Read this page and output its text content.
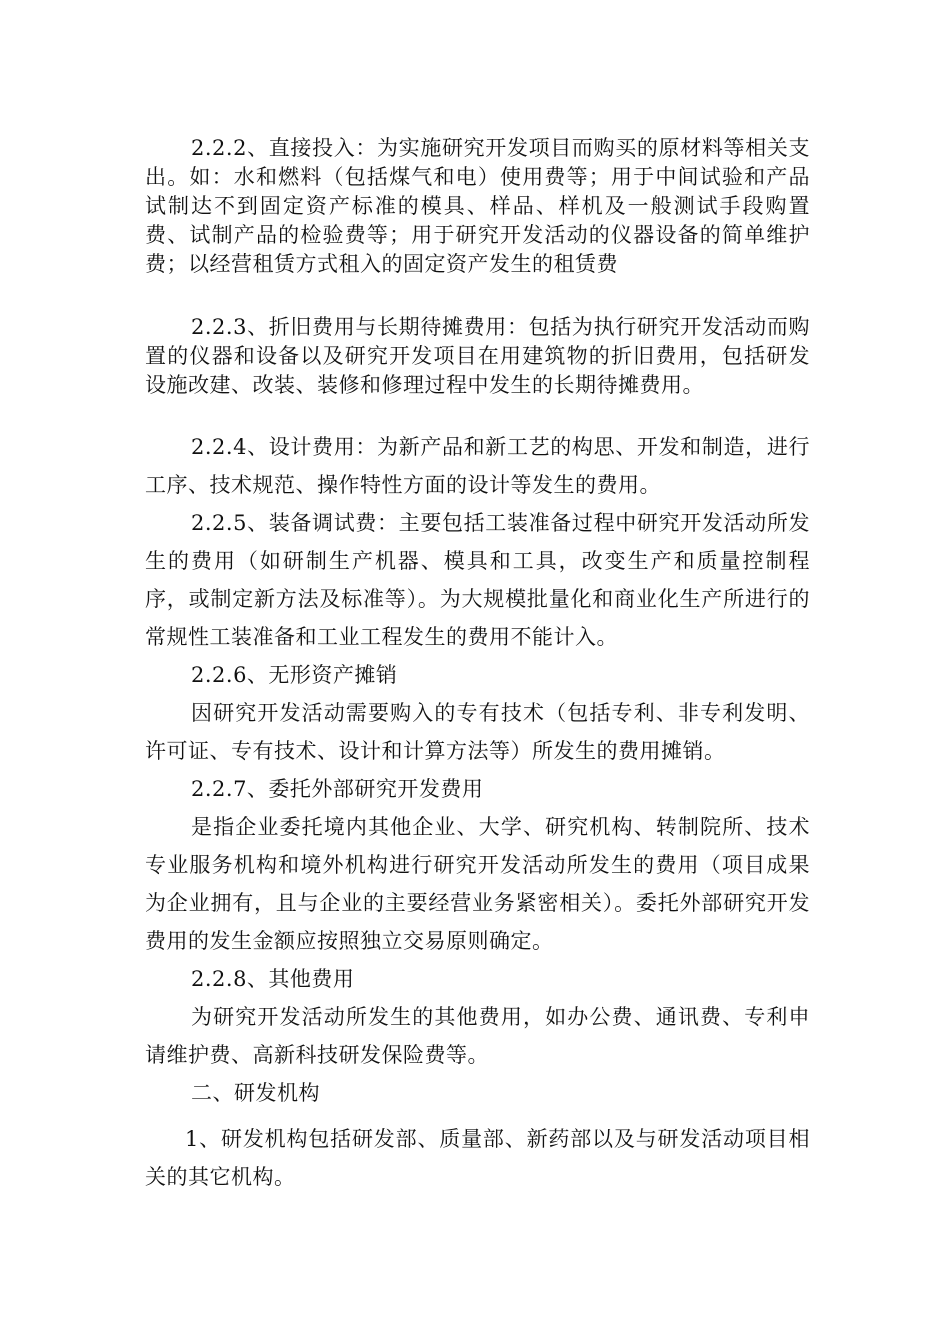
2.2.2、直接投入：为实施研究开发项目而购买的原材料等相关支出。如：水和燃料（包括煤气和电）使用费等；用于中间试验和产品试制达不到固定资产标准的模具、样品、样机及一般测试手段购置费、试制产品的检验费等；用于研究开发活动的仪器设备的简单维护费；以经营租赁方式租入的固定资产发生的租赁费

2.2.3、折旧费用与长期待摊费用：包括为执行研究开发活动而购置的仪器和设备以及研究开发项目在用建筑物的折旧费用，包括研发设施改建、改装、装修和修理过程中发生的长期待摊费用。

2.2.4、设计费用：为新产品和新工艺的构思、开发和制造，进行工序、技术规范、操作特性方面的设计等发生的费用。

2.2.5、装备调试费：主要包括工装准备过程中研究开发活动所发生的费用（如研制生产机器、模具和工具，改变生产和质量控制程序，或制定新方法及标准等）。为大规模批量化和商业化生产所进行的常规性工装准备和工业工程发生的费用不能计入。

2.2.6、无形资产摊销

因研究开发活动需要购入的专有技术（包括专利、非专利发明、许可证、专有技术、设计和计算方法等）所发生的费用摊销。

2.2.7、委托外部研究开发费用

是指企业委托境内其他企业、大学、研究机构、转制院所、技术专业服务机构和境外机构进行研究开发活动所发生的费用（项目成果为企业拥有，且与企业的主要经营业务紧密相关）。委托外部研究开发费用的发生金额应按照独立交易原则确定。

2.2.8、其他费用

为研究开发活动所发生的其他费用，如办公费、通讯费、专利申请维护费、高新科技研发保险费等。

二、研发机构

1、研发机构包括研发部、质量部、新药部以及与研发活动项目相关的其它机构。
